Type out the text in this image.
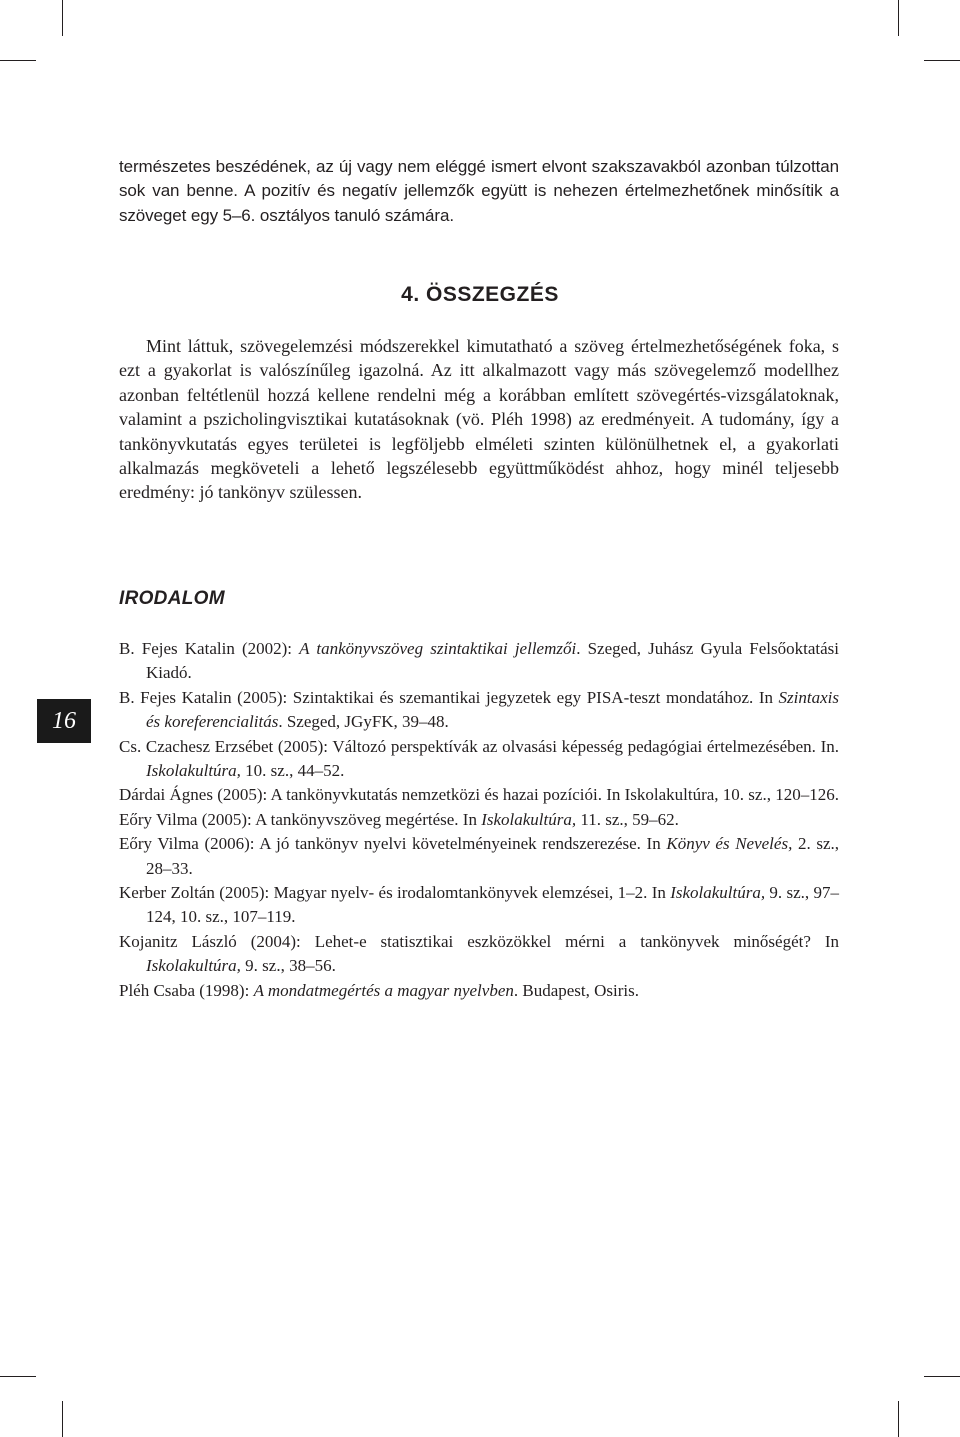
természetes beszédének, az új vagy nem eléggé ismert elvont szakszavakból azonban túlzottan sok van benne. A pozitív és negatív jellemzők együtt is nehezen értelmezhetőnek minősítik a szöveget egy 5–6. osztályos tanuló számára.

4. ÖSSZEGZÉS

Mint láttuk, szövegelemzési módszerekkel kimutatható a szöveg értelmezhetőségének foka, s ezt a gyakorlat is valószínűleg igazolná. Az itt alkalmazott vagy más szövegelemző modellhez azonban feltétlenül hozzá kellene rendelni még a korábban említett szövegértés-vizsgálatoknak, valamint a pszicholingvisztikai kutatásoknak (vö. Pléh 1998) az eredményeit. A tudomány, így a tankönyvkutatás egyes területei is legföljebb elméleti szinten különülhetnek el, a gyakorlati alkalmazás megköveteli a lehető legszélesebb együttműködést ahhoz, hogy minél teljesebb eredmény: jó tankönyv szülessen.

IRODALOM

B. Fejes Katalin (2002): A tankönyvszöveg szintaktikai jellemzői. Szeged, Juhász Gyula Felsőoktatási Kiadó.

B. Fejes Katalin (2005): Szintaktikai és szemantikai jegyzetek egy PISA-teszt mondatához. In Szintaxis és koreferencialitás. Szeged, JGyFK, 39–48.

Cs. Czachesz Erzsébet (2005): Változó perspektívák az olvasási képesség pedagógiai értelmezésében. In. Iskolakultúra, 10. sz., 44–52.

Dárdai Ágnes (2005): A tankönyvkutatás nemzetközi és hazai pozíciói. In Iskolakultúra, 10. sz., 120–126.

Eőry Vilma (2005): A tankönyvszöveg megértése. In Iskolakultúra, 11. sz., 59–62.

Eőry Vilma (2006): A jó tankönyv nyelvi követelményeinek rendszerezése. In Könyv és Nevelés, 2. sz., 28–33.

Kerber Zoltán (2005): Magyar nyelv- és irodalomtankönyvek elemzései, 1–2. In Iskolakultúra, 9. sz., 97–124, 10. sz., 107–119.

Kojanitz László (2004): Lehet-e statisztikai eszközökkel mérni a tankönyvek minőségét? In Iskolakultúra, 9. sz., 38–56.

Pléh Csaba (1998): A mondatmegértés a magyar nyelvben. Budapest, Osiris.

16
